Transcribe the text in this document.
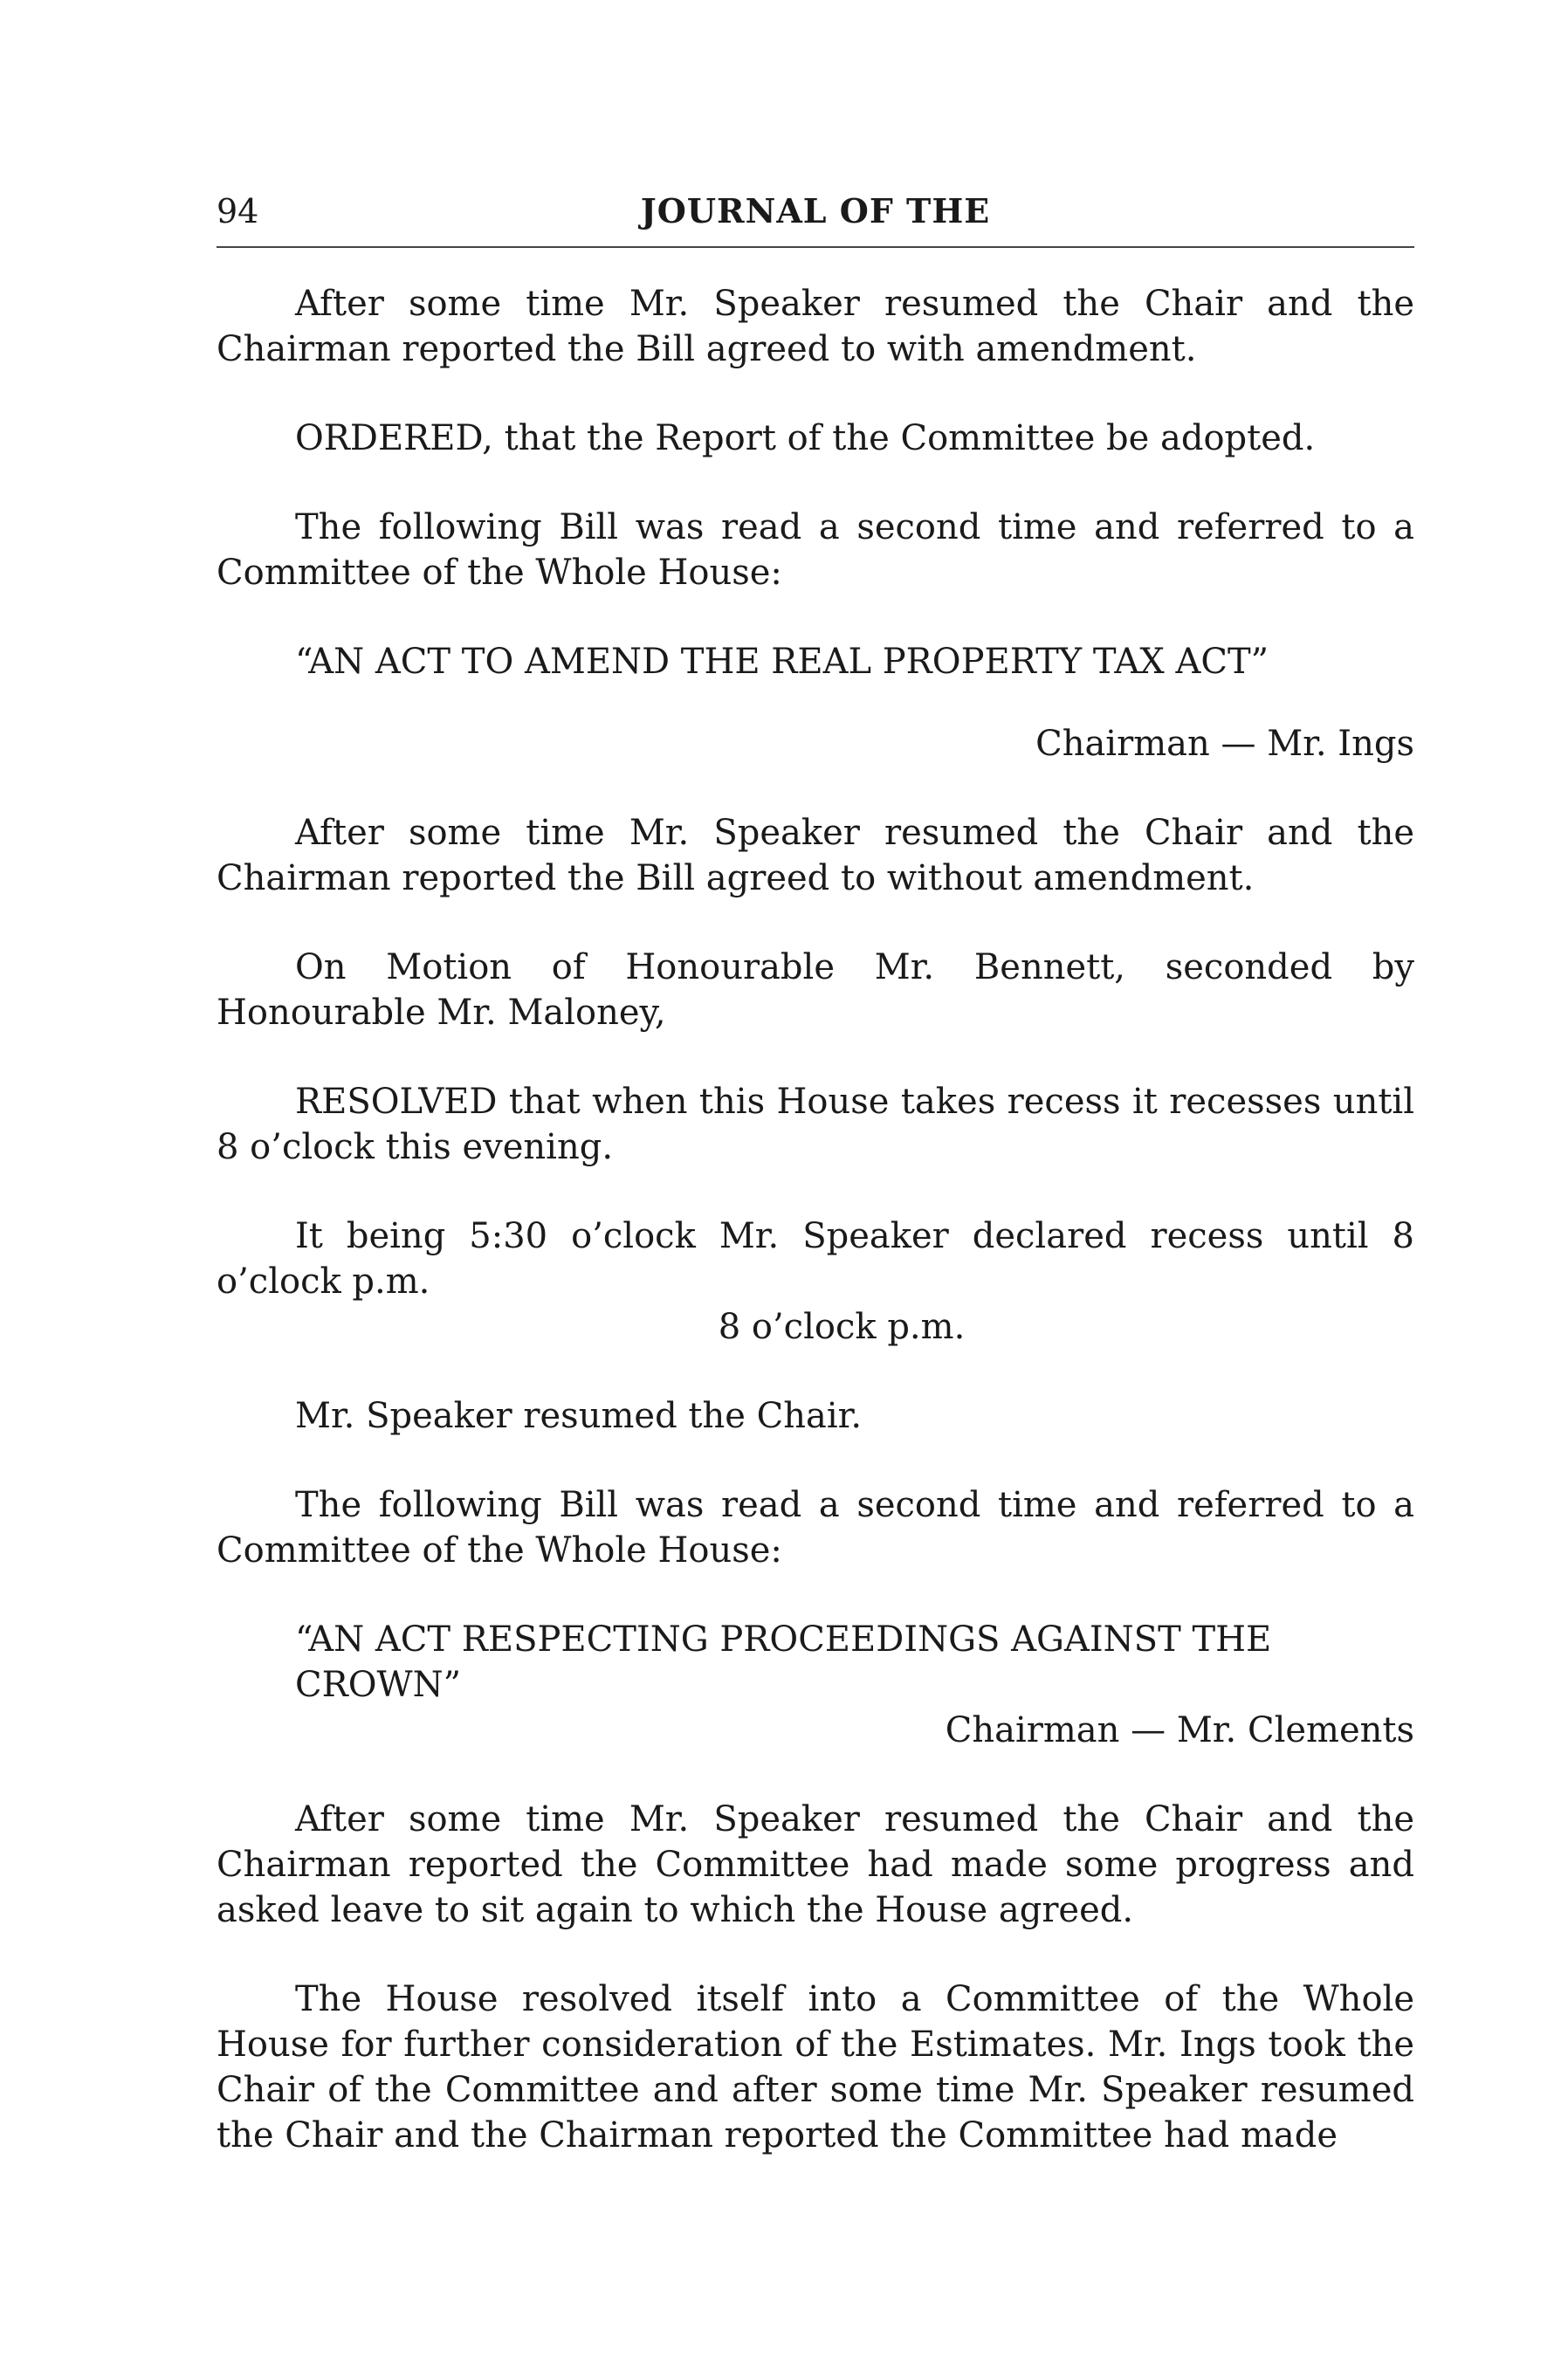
94	JOURNAL OF THE

After some time Mr. Speaker resumed the Chair and the Chairman reported the Bill agreed to with amendment.

ORDERED, that the Report of the Committee be adopted.

The following Bill was read a second time and referred to a Committee of the Whole House:

“AN ACT TO AMEND THE REAL PROPERTY TAX ACT”

Chairman — Mr. Ings

After some time Mr. Speaker resumed the Chair and the Chairman reported the Bill agreed to without amendment.

On Motion of Honourable Mr. Bennett, seconded by Honourable Mr. Maloney,

RESOLVED that when this House takes recess it recesses until 8 o’clock this evening.

It being 5:30 o’clock Mr. Speaker declared recess until 8 o’clock p.m.

8 o’clock p.m.

Mr. Speaker resumed the Chair.

The following Bill was read a second time and referred to a Committee of the Whole House:

“AN ACT RESPECTING PROCEEDINGS AGAINST THE CROWN”

Chairman — Mr. Clements

After some time Mr. Speaker resumed the Chair and the Chairman reported the Committee had made some progress and asked leave to sit again to which the House agreed.

The House resolved itself into a Committee of the Whole House for further consideration of the Estimates. Mr. Ings took the Chair of the Committee and after some time Mr. Speaker resumed the Chair and the Chairman reported the Committee had made
